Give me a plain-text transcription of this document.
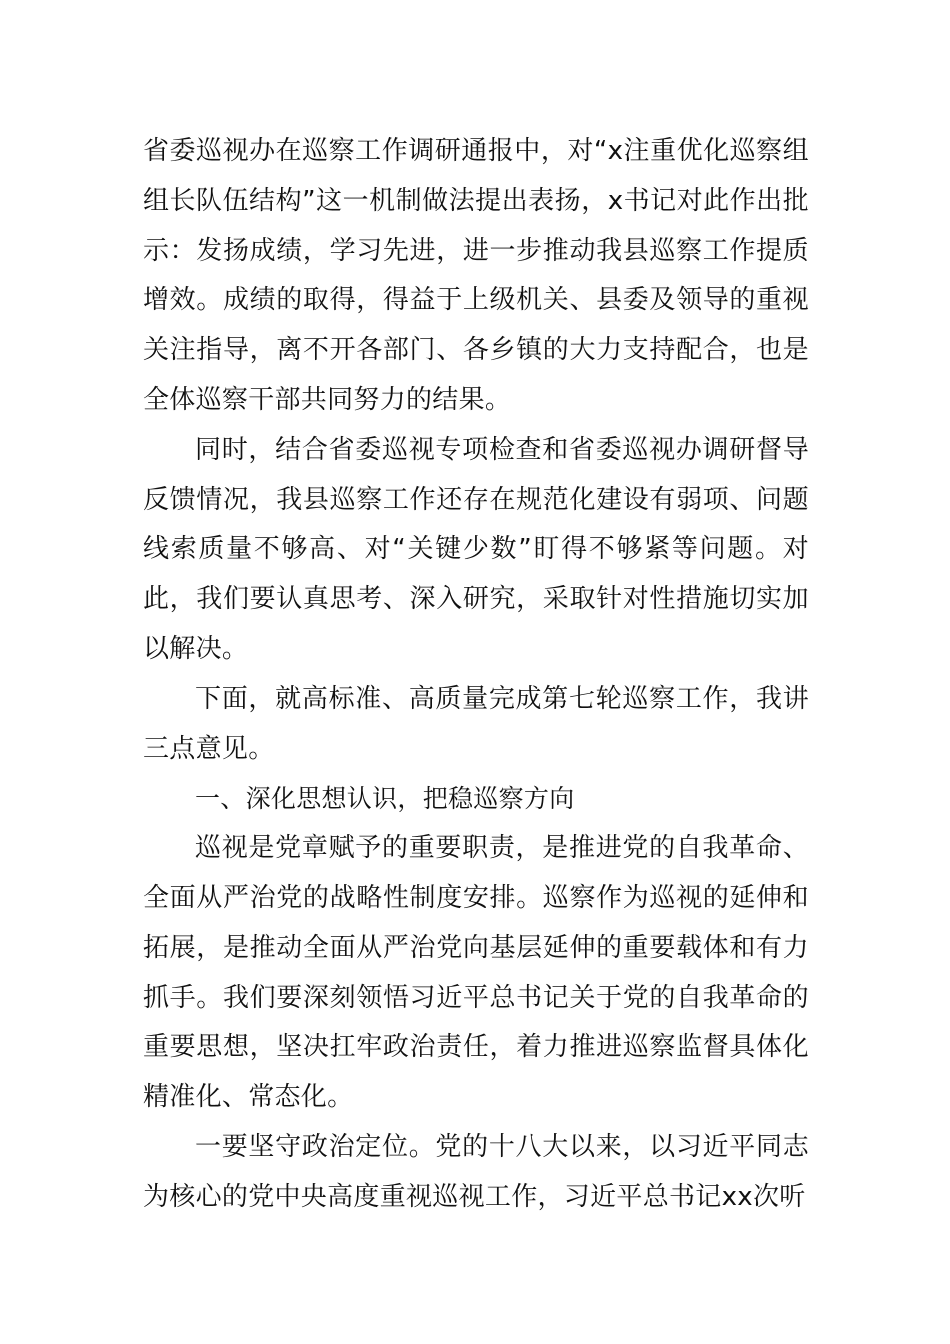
省委巡视办在巡察工作调研通报中，对“x注重优化巡察组组长队伍结构”这一机制做法提出表扬，x书记对此作出批示：发扬成绩，学习先进，进一步推动我县巡察工作提质增效。成绩的取得，得益于上级机关、县委及领导的重视关注指导，离不开各部门、各乡镇的大力支持配合，也是全体巡察干部共同努力的结果。

同时，结合省委巡视专项检查和省委巡视办调研督导反馈情况，我县巡察工作还存在规范化建设有弱项、问题线索质量不够高、对“关键少数”盯得不够紧等问题。对此，我们要认真思考、深入研究，采取针对性措施切实加以解决。

下面，就高标准、高质量完成第七轮巡察工作，我讲三点意见。

一、深化思想认识，把稳巡察方向

巡视是党章赋予的重要职责，是推进党的自我革命、全面从严治党的战略性制度安排。巡察作为巡视的延伸和拓展，是推动全面从严治党向基层延伸的重要载体和有力抓手。我们要深刻领悟习近平总书记关于党的自我革命的重要思想，坚决扛牢政治责任，着力推进巡察监督具体化精准化、常态化。

一要坚守政治定位。党的十八大以来，以习近平同志为核心的党中央高度重视巡视工作，习近平总书记xx次听
